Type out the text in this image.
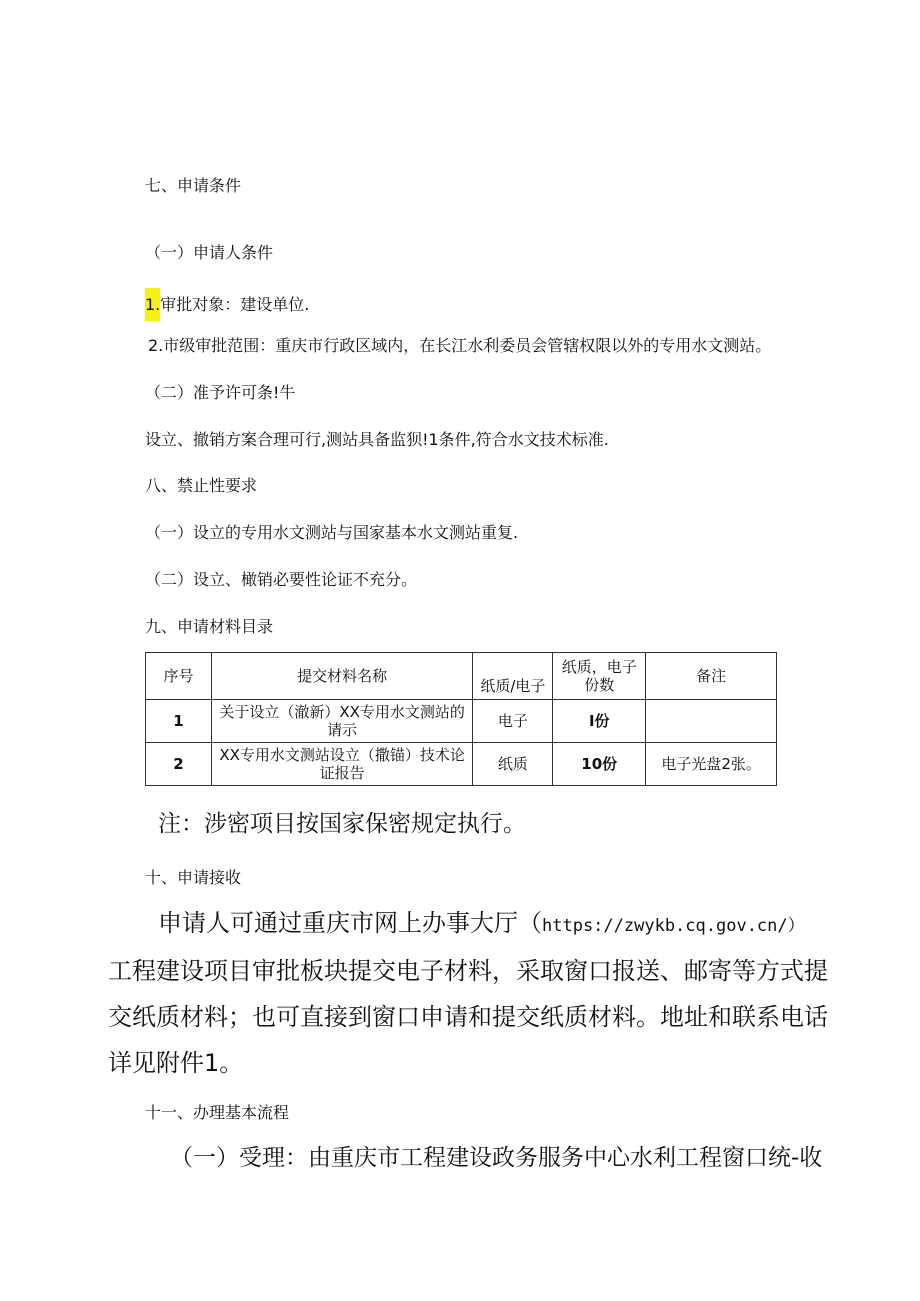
七、申请条件
（一）申请人条件
1.审批对象：建设单位.
2.市级审批范围：重庆市行政区域内，在长江水利委员会管辖权限以外的专用水文测站。
（二）准予许可条!牛
设立、撤销方案合理可行,测站具备监狈!1条件,符合水文技术标准.
八、禁止性要求
（一）设立的专用水文测站与国家基本水文测站重复.
（二）设立、橄销必要性论证不充分。
九、申请材料目录
序号	提交材料名称	纸质/电子	纸质，电子份数	备注
1	关于设立（澈新）XX专用水文测站的请示	电子	I份	
2	XX专用水文测站设立（撒锚）技术论证报告	纸质	10份	电子光盘2张。
注：涉密项目按国家保密规定执行。
十、申请接收
申请人可通过重庆市网上办事大厅（https://zwykb.cq.gov.cn/）
工程建设项目审批板块提交电子材料，采取窗口报送、邮寄等方式提
交纸质材料；也可直接到窗口申请和提交纸质材料。地址和联系电话
详见附件1。
十一、办理基本流程
（一）受理：由重庆市工程建设政务服务中心水利工程窗口统-收
